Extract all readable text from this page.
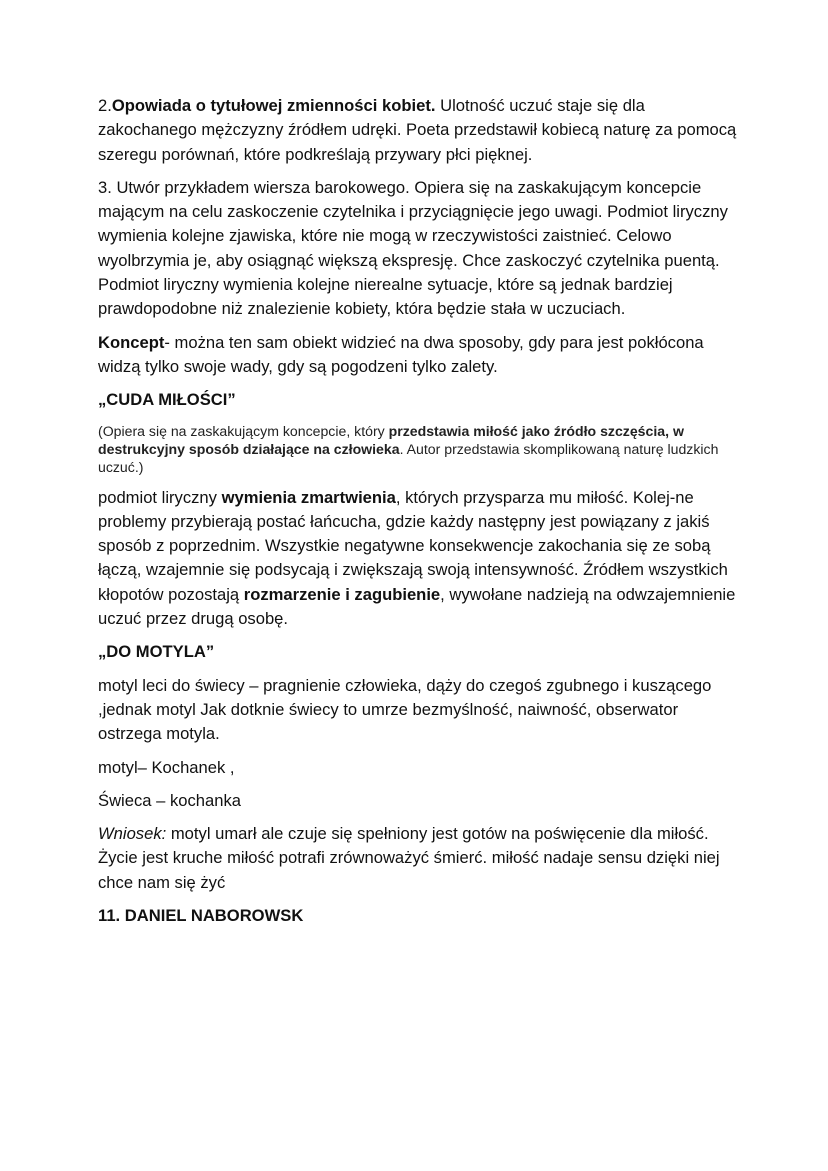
2.Opowiada o tytułowej zmienności kobiet. Ulotność uczuć staje się dla zakochanego mężczyzny źródłem udręki. Poeta przedstawił kobiecą naturę za pomocą szeregu porównań, które podkreślają przywary płci pięknej.

3. Utwór przykładem wiersza barokowego. Opiera się na zaskakującym koncepcie mającym na celu zaskoczenie czytelnika i przyciągnięcie jego uwagi. Podmiot liryczny wymienia kolejne zjawiska, które nie mogą w rzeczywistości zaistnieć. Celowo wyolbrzymia je, aby osiągnąć większą ekspresję. Chce zaskoczyć czytelnika puentą. Podmiot liryczny wymienia kolejne nierealne sytuacje, które są jednak bardziej prawdopodobne niż znalezienie kobiety, która będzie stała w uczuciach.

Koncept- można ten sam obiekt widzieć na dwa sposoby, gdy para jest pokłócona widzą tylko swoje wady, gdy są pogodzeni tylko zalety.

„CUDA MIŁOŚCI”

(Opiera się na zaskakującym koncepcie, który przedstawia miłość jako źródło szczęścia, w destrukcyjny sposób działające na człowieka. Autor przedstawia skomplikowaną naturę ludzkich uczuć.)

podmiot liryczny wymienia zmartwienia, których przysparza mu miłość. Kolej-ne problemy przybierają postać łańcucha, gdzie każdy następny jest powiązany z jakiś sposób z poprzednim. Wszystkie negatywne konsekwencje zakochania się ze sobą łączą, wzajemnie się podsycają i zwiększają swoją intensywność. Źródłem wszystkich kłopotów pozostają rozmarzenie i zagubienie, wywołane nadzieją na odwzajemnienie uczuć przez drugą osobę.

„DO MOTYLA”

motyl leci do świecy – pragnienie człowieka, dąży do czegoś zgubnego i kuszącego ,jednak motyl Jak dotknie świecy to umrze bezmyślność, naiwność, obserwator ostrzega motyla.

motyl– Kochanek ,

Świeca – kochanka

Wniosek: motyl umarł ale czuje się spełniony jest gotów na poświęcenie dla miłość. Życie jest kruche miłość potrafi zrównoważyć śmierć. miłość nadaje sensu dzięki niej chce nam się żyć

11. DANIEL NABOROWSK
